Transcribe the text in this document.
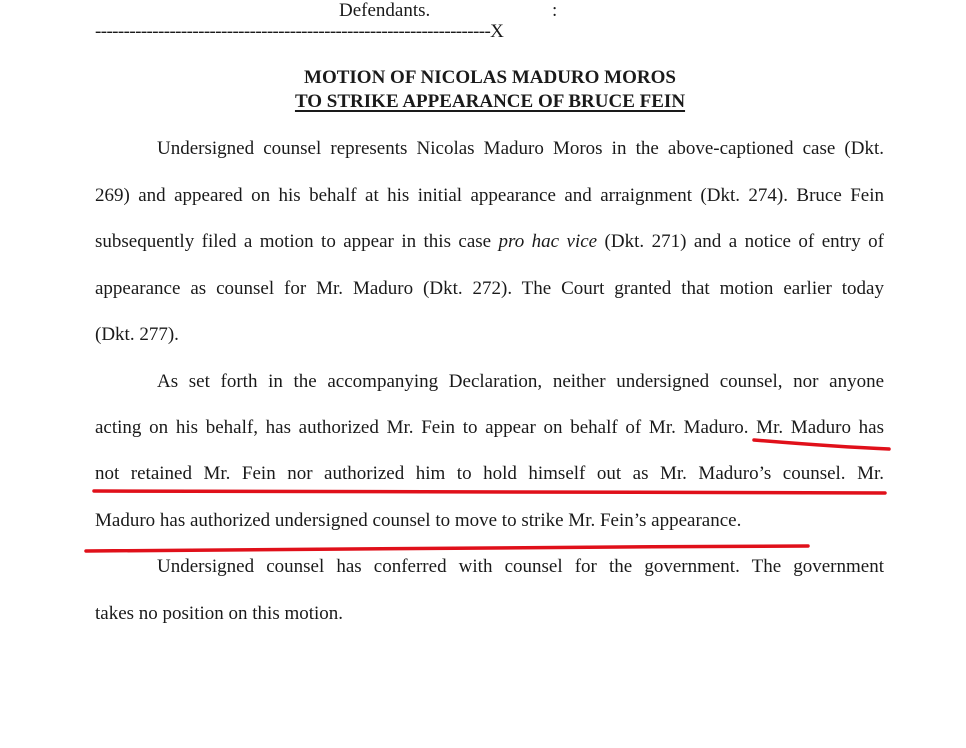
Defendants.	:
---------------------------------------------------------------------X
MOTION OF NICOLAS MADURO MOROS
TO STRIKE APPEARANCE OF BRUCE FEIN
Undersigned counsel represents Nicolas Maduro Moros in the above-captioned case (Dkt.
269) and appeared on his behalf at his initial appearance and arraignment (Dkt. 274). Bruce Fein
subsequently filed a motion to appear in this case pro hac vice (Dkt. 271) and a notice of entry of
appearance as counsel for Mr. Maduro (Dkt. 272). The Court granted that motion earlier today
(Dkt. 277).
As set forth in the accompanying Declaration, neither undersigned counsel, nor anyone
acting on his behalf, has authorized Mr. Fein to appear on behalf of Mr. Maduro. Mr. Maduro has
not retained Mr. Fein nor authorized him to hold himself out as Mr. Maduro’s counsel. Mr.
Maduro has authorized undersigned counsel to move to strike Mr. Fein’s appearance.
Undersigned counsel has conferred with counsel for the government. The government
takes no position on this motion.
